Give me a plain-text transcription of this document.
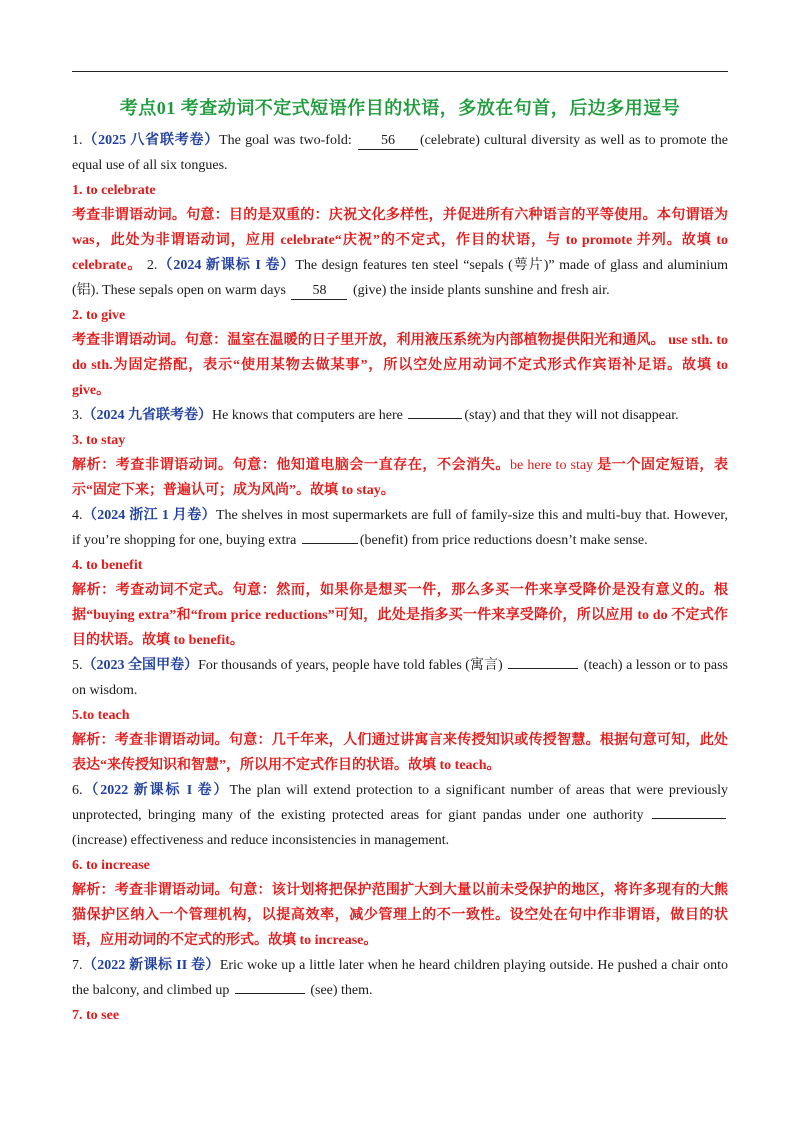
考点01 考查动词不定式短语作目的状语，多放在句首，后边多用逗号
1.（2025 八省联考卷）The goal was two-fold: 56 (celebrate) cultural diversity as well as to promote the equal use of all six tongues.
1. to celebrate
考查非谓语动词。句意：目的是双重的：庆祝文化多样性，并促进所有六种语言的平等使用。本句谓语为was，此处为非谓语动词，应用 celebrate“庆祝”的不定式，作目的状语，与 to promote 并列。故填 to celebrate。 2.（2024 新课标 I 卷）The design features ten steel “sepals (萼片)” made of glass and aluminium (铝). These sepals open on warm days 58 (give) the inside plants sunshine and fresh air.
2. to give
考查非谓语动词。句意：温室在温暖的日子里开放，利用液压系统为内部植物提供阳光和通风。 use sth. to do sth.为固定搭配，表示“使用某物去做某事”，所以空处应用动词不定式形式作宾语补足语。故填 to give。
3.（2024 九省联考卷）He knows that computers are here	(stay) and that they will not disappear.
3. to stay
解析：考查非谓语动词。句意：他知道电脑会一直存在，不会消失。be here to stay 是一个固定短语，表示“固定下来；普遍认可；成为风尚”。故填 to stay。
4.（2024 浙江 1 月卷）The shelves in most supermarkets are full of family-size this and multi-buy that. However, if you’re shopping for one, buying extra	(benefit) from price reductions doesn’t make sense.
4. to benefit
解析：考查动词不定式。句意：然而，如果你是想买一件，那么多买一件来享受降价是没有意义的。根据“buying extra”和“from price reductions”可知，此处是指多买一件来享受降价，所以应用 to do 不定式作目的状语。故填 to benefit。
5.（2023 全国甲卷）For thousands of years, people have told fables (寓言)	(teach) a lesson or to pass on wisdom.
5.to teach
解析：考查非谓语动词。句意：几千年来，人们通过讲寓言来传授知识或传授智慧。根据句意可知，此处表达“来传授知识和智慧”，所以用不定式作目的状语。故填 to teach。
6.（2022 新课标 I 卷）The plan will extend protection to a significant number of areas that were previously unprotected, bringing many of the existing protected areas for giant pandas under one authority  (increase) effectiveness and reduce inconsistencies in management.
6. to increase
解析：考查非谓语动词。句意：该计划将把保护范围扩大到大量以前未受保护的地区，将许多现有的大熊猫保护区纳入一个管理机构，以提高效率，减少管理上的不一致性。设空处在句中作非谓语，做目的状语，应用动词的不定式的形式。故填 to increase。
7.（2022 新课标 II 卷）Eric woke up a little later when he heard children playing outside. He pushed a chair onto the balcony, and climbed up	(see) them.
7. to see
